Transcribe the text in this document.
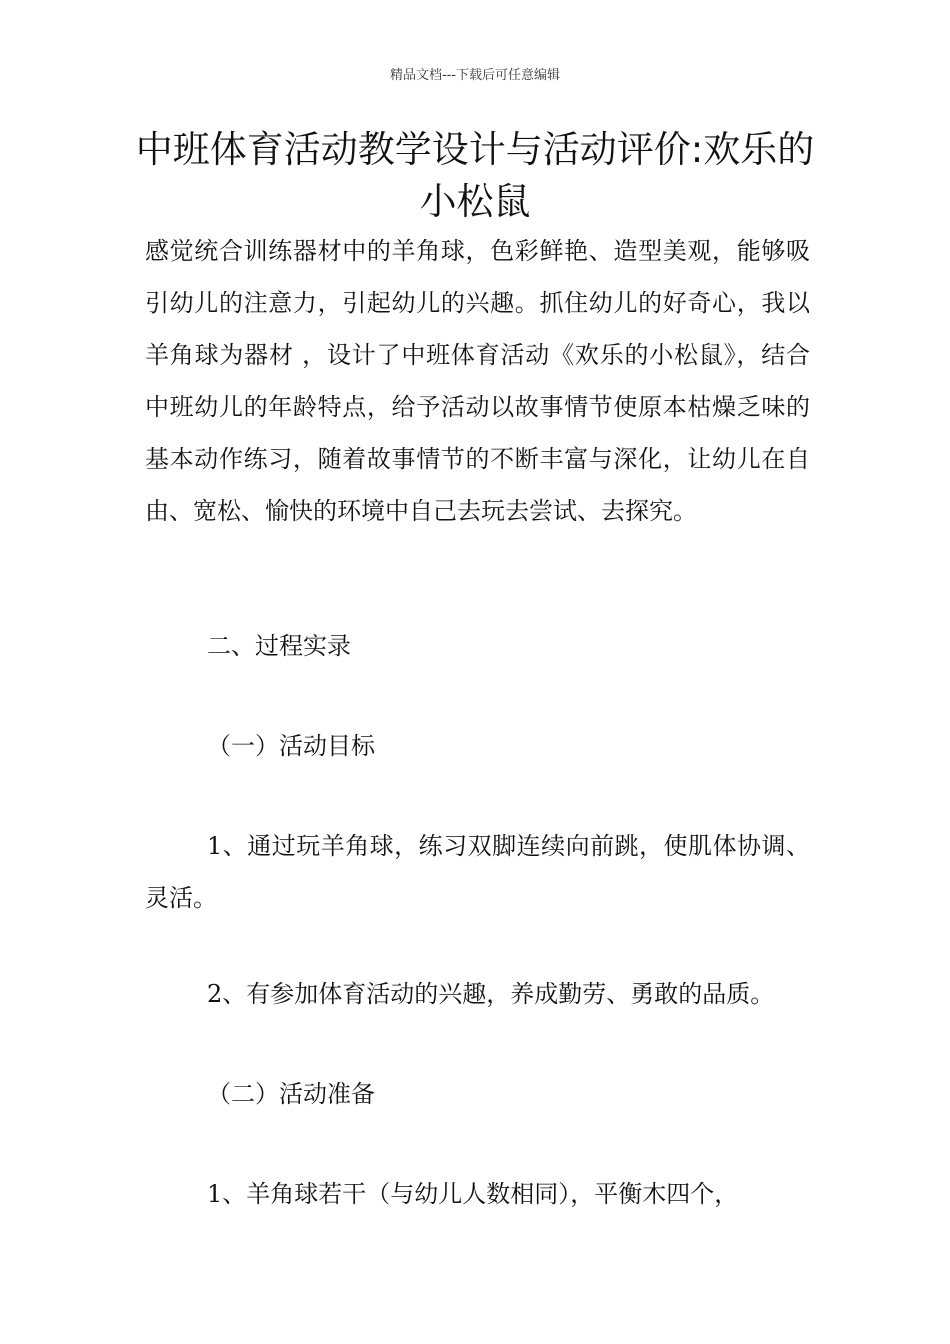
精品文档---下载后可任意编辑
中班体育活动教学设计与活动评价:欢乐的小松鼠

感觉统合训练器材中的羊角球，色彩鲜艳、造型美观，能够吸引幼儿的注意力，引起幼儿的兴趣。抓住幼儿的好奇心，我以羊角球为器材 ，设计了中班体育活动《欢乐的小松鼠》，结合中班幼儿的年龄特点，给予活动以故事情节使原本枯燥乏味的基本动作练习，随着故事情节的不断丰富与深化，让幼儿在自由、宽松、愉快的环境中自己去玩去尝试、去探究。

二、过程实录

（一）活动目标

1、通过玩羊角球，练习双脚连续向前跳，使肌体协调、灵活。

2、有参加体育活动的兴趣，养成勤劳、勇敢的品质。

（二）活动准备

1、羊角球若干（与幼儿人数相同），平衡木四个，
